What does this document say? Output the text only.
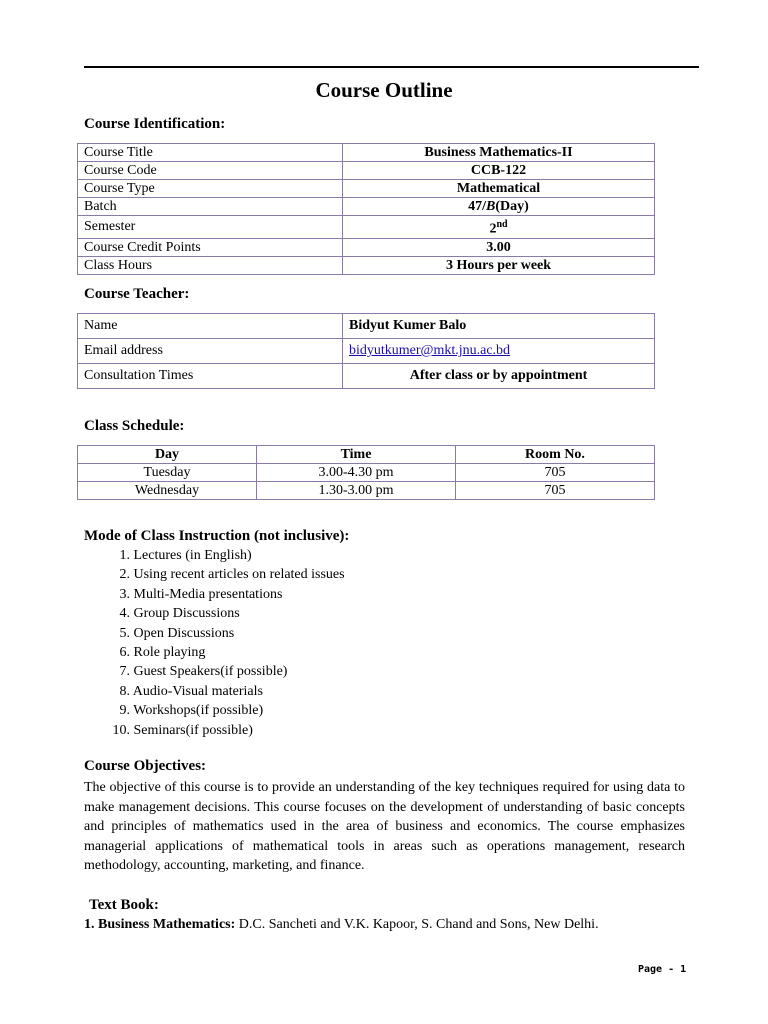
Course Outline
Course Identification:
Course Title	Business Mathematics-II
Course Code	CCB-122
Course Type	Mathematical
Batch	47/B(Day)
Semester	2nd
Course Credit Points	3.00
Class Hours	3 Hours per week
Course Teacher:
Name	Bidyut Kumer Balo
Email address	bidyutkumer@mkt.jnu.ac.bd
Consultation Times	After class or by appointment
Class Schedule:
Day	Time	Room No.
Tuesday	3.00-4.30 pm	705
Wednesday	1.30-3.00 pm	705
Mode of Class Instruction (not inclusive):
1. Lectures (in English)
2. Using recent articles on related issues
3. Multi-Media presentations
4. Group Discussions
5. Open Discussions
6. Role playing
7. Guest Speakers(if possible)
8. Audio-Visual materials
9. Workshops(if possible)
10. Seminars(if possible)
Course Objectives:
The objective of this course is to provide an understanding of the key techniques required for using data to make management decisions. This course focuses on the development of understanding of basic concepts and principles of mathematics used in the area of business and economics. The course emphasizes managerial applications of mathematical tools in areas such as operations management, research methodology, accounting, marketing, and finance.
Text Book:
1. Business Mathematics: D.C. Sancheti and V.K. Kapoor, S. Chand and Sons, New Delhi.
Page - 1
